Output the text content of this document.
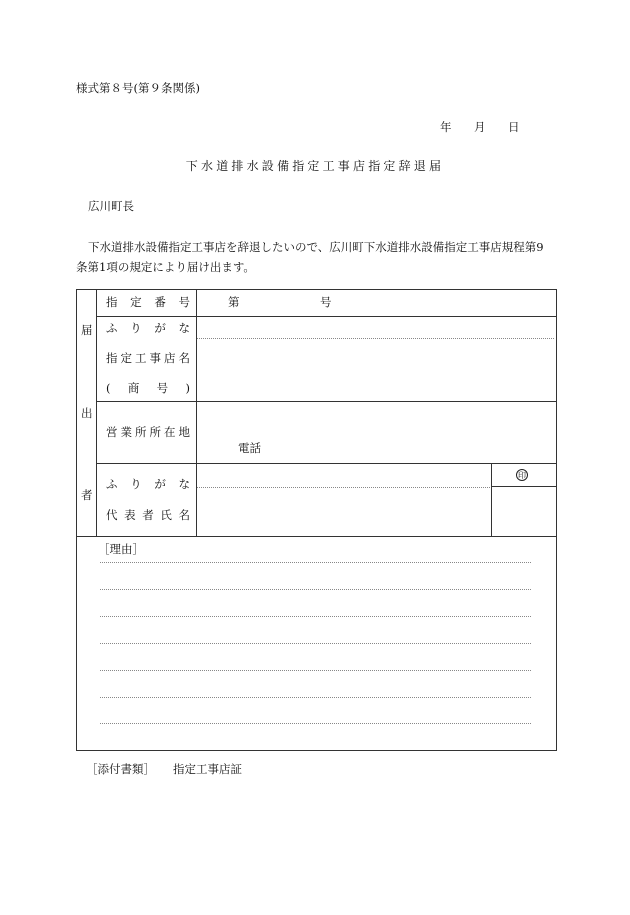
様式第８号(第９条関係)
年 月 日
下水道排水設備指定工事店指定辞退届
広川町長
下水道排水設備指定工事店を辞退したいので、広川町下水道排水設備指定工事店規程第9条第1項の規定により届け出ます。
届
出
者
印
指 定 番 号	第	号
ふ り が な
指 定 工 事 店 名
( 商 号 )
営 業 所 所 在 地
電話
ふ り が な
代 表 者 氏 名
［理由］
［添付書類］ 指定工事店証
